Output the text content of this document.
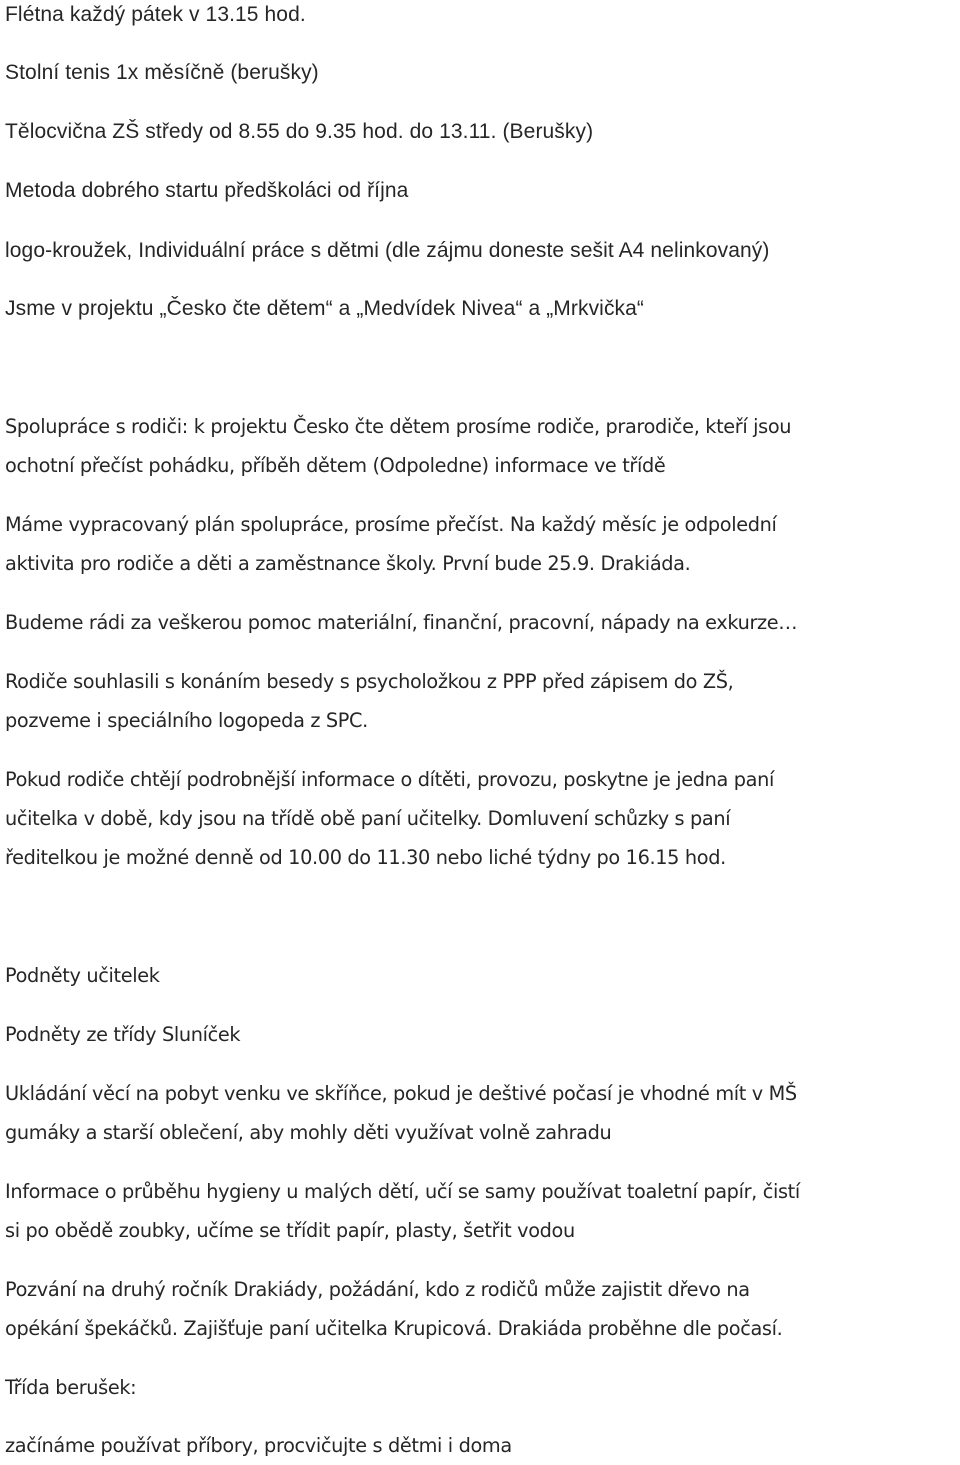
Flétna každý pátek v 13.15 hod.
Stolní tenis 1x měsíčně (berušky)
Tělocvična ZŠ středy od 8.55 do 9.35 hod. do 13.11. (Berušky)
Metoda dobrého startu předškoláci od října
logo-kroužek, Individuální práce s dětmi (dle zájmu doneste sešit A4 nelinkovaný)
Jsme v projektu „Česko čte dětem“ a „Medvídek Nivea“ a „Mrkvička“
Spolupráce s rodiči: k projektu Česko čte dětem prosíme rodiče, prarodiče, kteří jsou
ochotní přečíst pohádku, příběh dětem (Odpoledne) informace ve třídě
Máme vypracovaný plán spolupráce, prosíme přečíst. Na každý měsíc je odpolední
aktivita pro rodiče a děti a zaměstnance školy. První bude 25.9. Drakiáda.
Budeme rádi za veškerou pomoc materiální, finanční, pracovní, nápady na exkurze…
Rodiče souhlasili s konáním besedy s psycholožkou z PPP před zápisem do ZŠ,
pozveme i speciálního logopeda z SPC.
Pokud rodiče chtějí podrobnější informace o dítěti, provozu, poskytne je jedna paní
učitelka v době, kdy jsou na třídě obě paní učitelky. Domluvení schůzky s paní
ředitelkou je možné denně od 10.00 do 11.30 nebo liché týdny po 16.15 hod.
Podněty učitelek
Podněty ze třídy Sluníček
Ukládání věcí na pobyt venku ve skříňce, pokud je deštivé počasí je vhodné mít v MŠ
gumáky a starší oblečení, aby mohly děti využívat volně zahradu
Informace o průběhu hygieny u malých dětí, učí se samy používat toaletní papír, čistí
si po obědě zoubky, učíme se třídit papír, plasty, šetřit vodou
Pozvání na druhý ročník Drakiády, požádání, kdo z rodičů může zajistit dřevo na
opékání špekáčků. Zajišťuje paní učitelka Krupicová. Drakiáda proběhne dle počasí.
Třída berušek:
začínáme používat příbory, procvičujte s dětmi i doma
